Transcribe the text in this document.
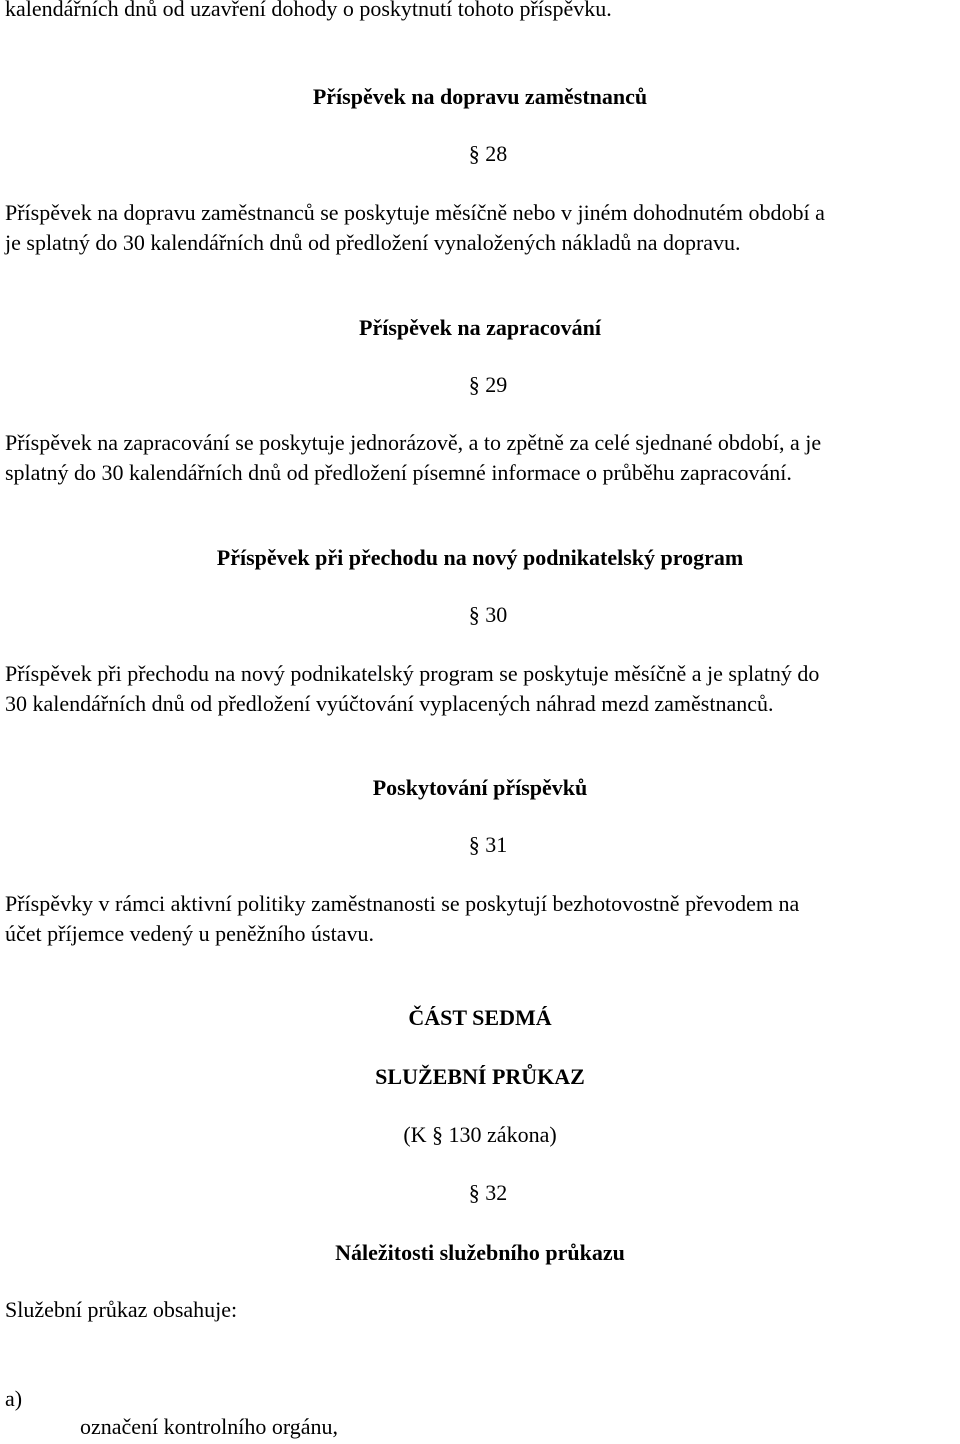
kalendářních dnů od uzavření dohody o poskytnutí tohoto příspěvku.

Příspěvek na dopravu zaměstnanců

§ 28

Příspěvek na dopravu zaměstnanců se poskytuje měsíčně nebo v jiném dohodnutém období a

je splatný do 30 kalendářních dnů od předložení vynaložených nákladů na dopravu.

Příspěvek na zapracování

§ 29

Příspěvek na zapracování se poskytuje jednorázově, a to zpětně za celé sjednané období, a je

splatný do 30 kalendářních dnů od předložení písemné informace o průběhu zapracování.

Příspěvek při přechodu na nový podnikatelský program

§ 30

Příspěvek při přechodu na nový podnikatelský program se poskytuje měsíčně a je splatný do

30 kalendářních dnů od předložení vyúčtování vyplacených náhrad mezd zaměstnanců.

Poskytování příspěvků

§ 31

Příspěvky v rámci aktivní politiky zaměstnanosti se poskytují bezhotovostně převodem na

účet příjemce vedený u peněžního ústavu.

ČÁST SEDMÁ

SLUŽEBNÍ PRŮKAZ

(K § 130 zákona)

§ 32

Náležitosti služebního průkazu

Služební průkaz obsahuje:

a)

označení kontrolního orgánu,
